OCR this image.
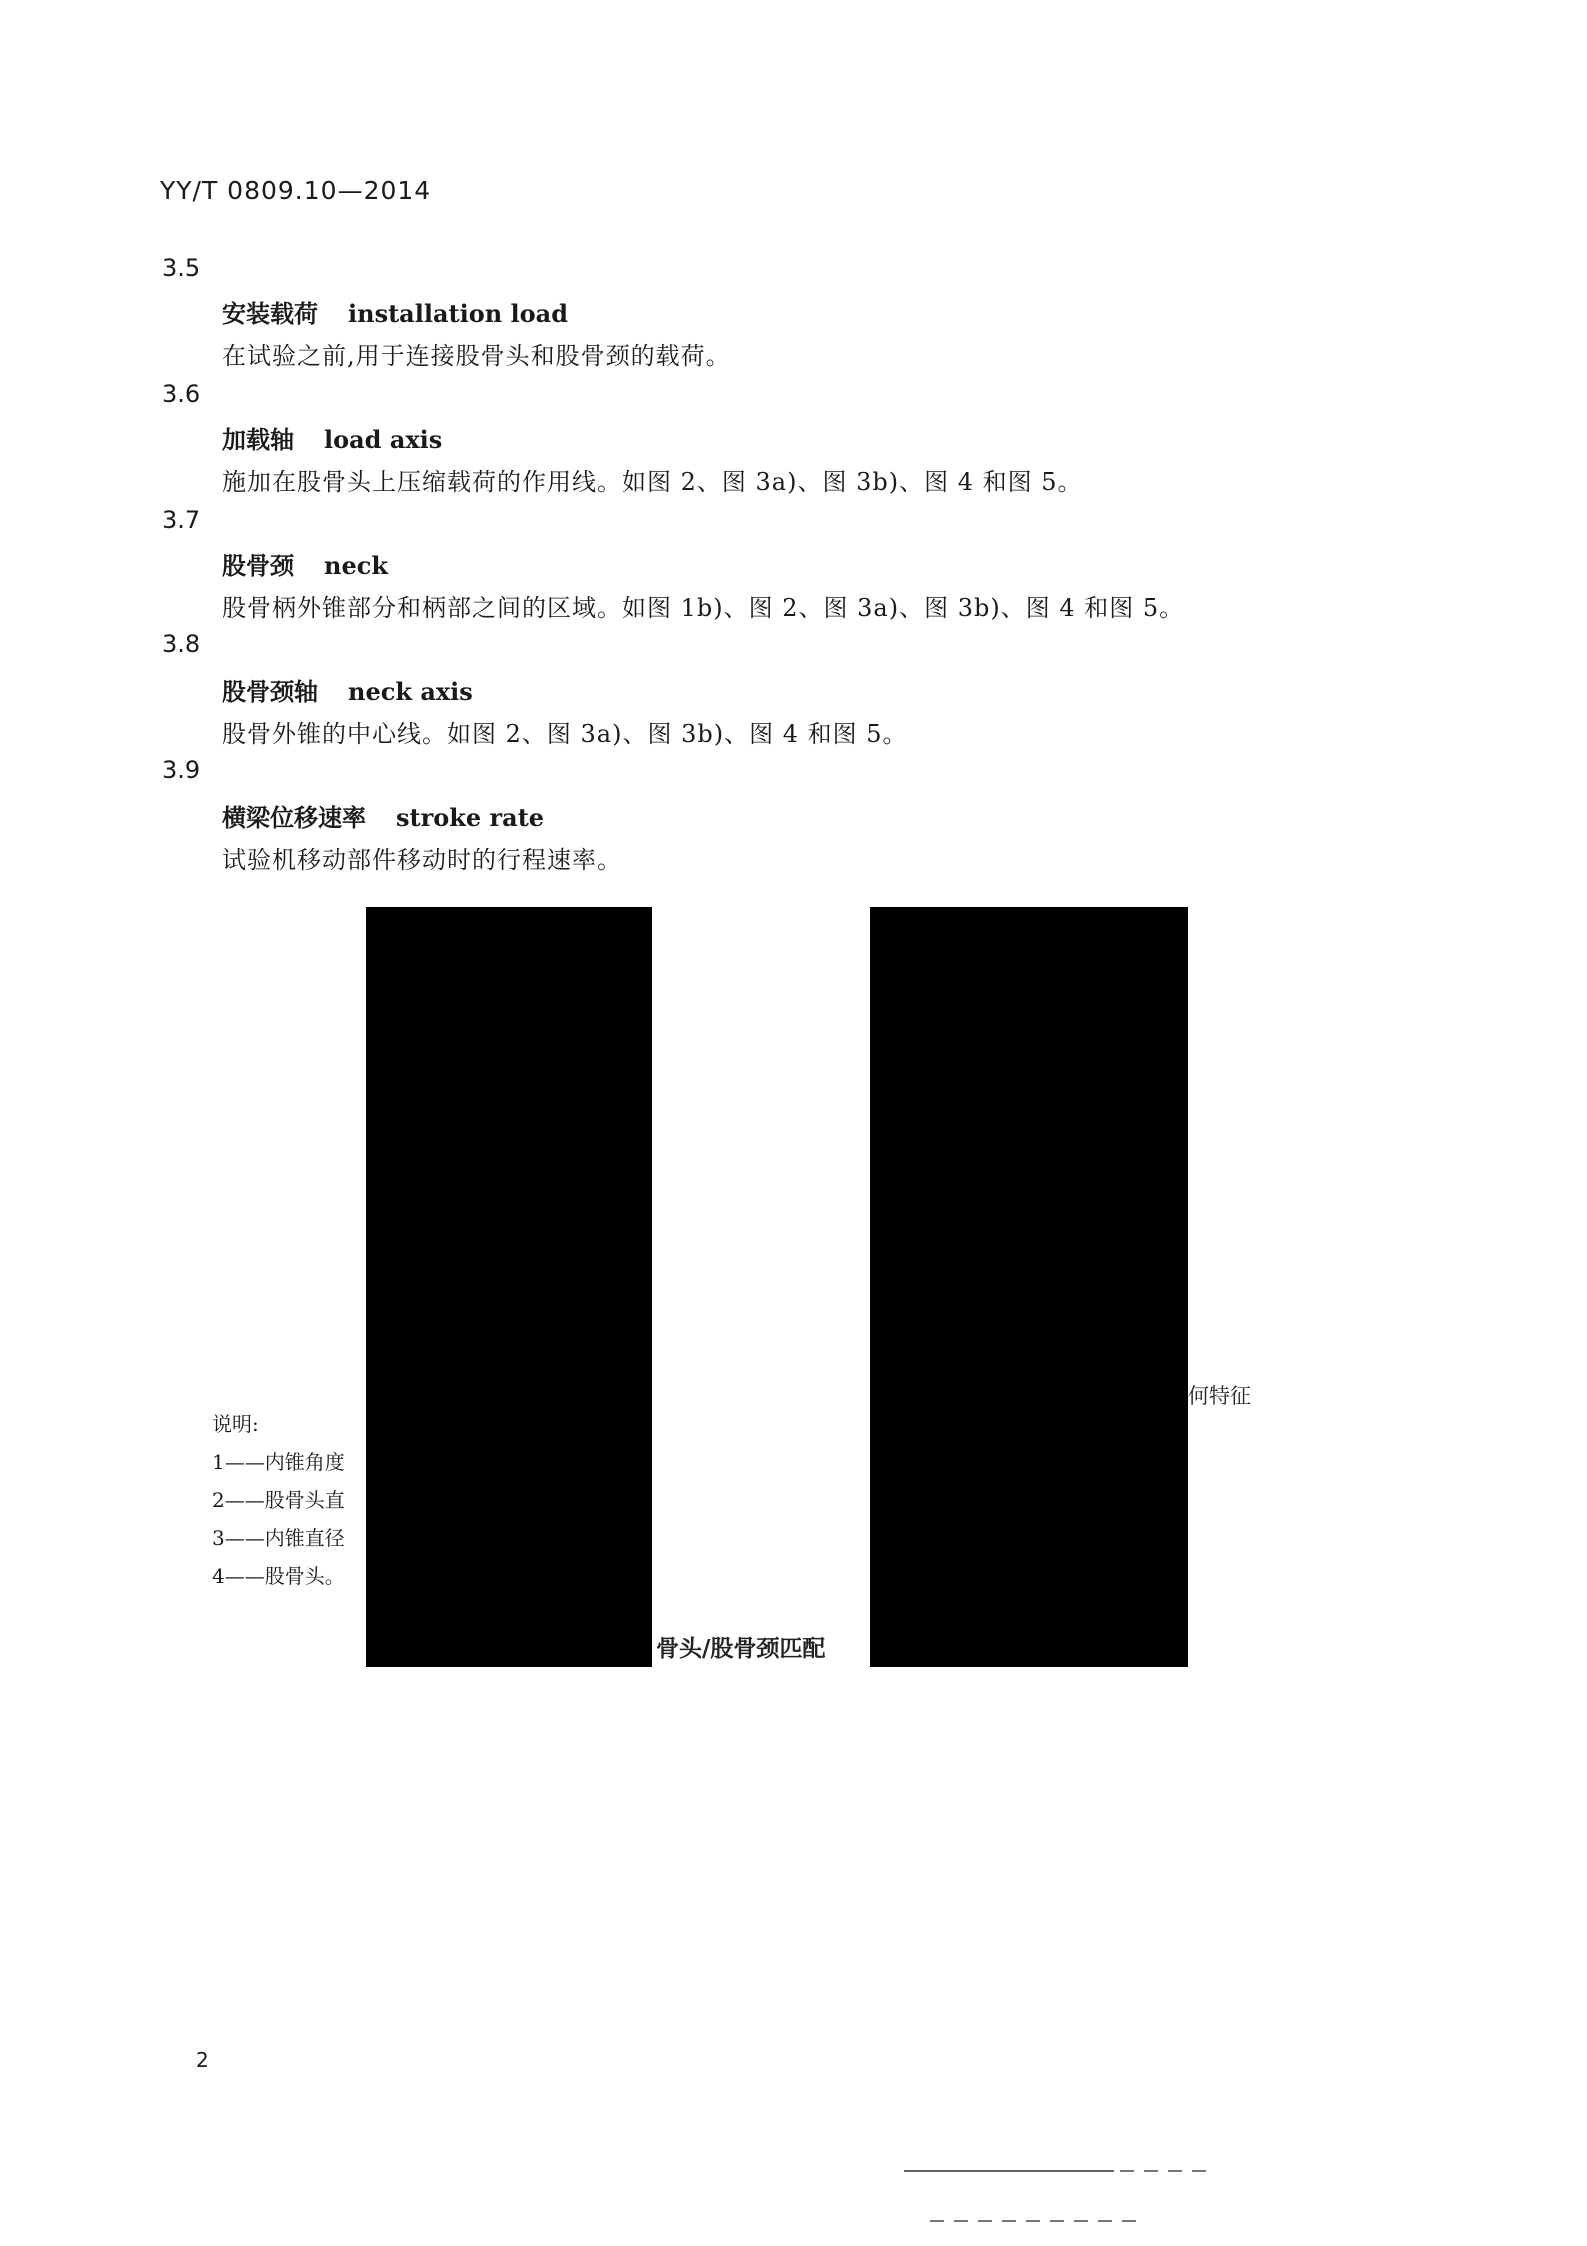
YY/T 0809.10—2014
3.5
安装载荷 installation load
在试验之前,用于连接股骨头和股骨颈的载荷。
3.6
加载轴 load axis
施加在股骨头上压缩载荷的作用线。如图 2、图 3a)、图 3b)、图 4 和图 5。
3.7
股骨颈 neck
股骨柄外锥部分和柄部之间的区域。如图 1b)、图 2、图 3a)、图 3b)、图 4 和图 5。
3.8
股骨颈轴 neck axis
股骨外锥的中心线。如图 2、图 3a)、图 3b)、图 4 和图 5。
3.9
横梁位移速率 stroke rate
试验机移动部件移动时的行程速率。
何特征
说明:
1——内锥角度
2——股骨头直
3——内锥直径
4——股骨头。
骨头/股骨颈匹配
2
